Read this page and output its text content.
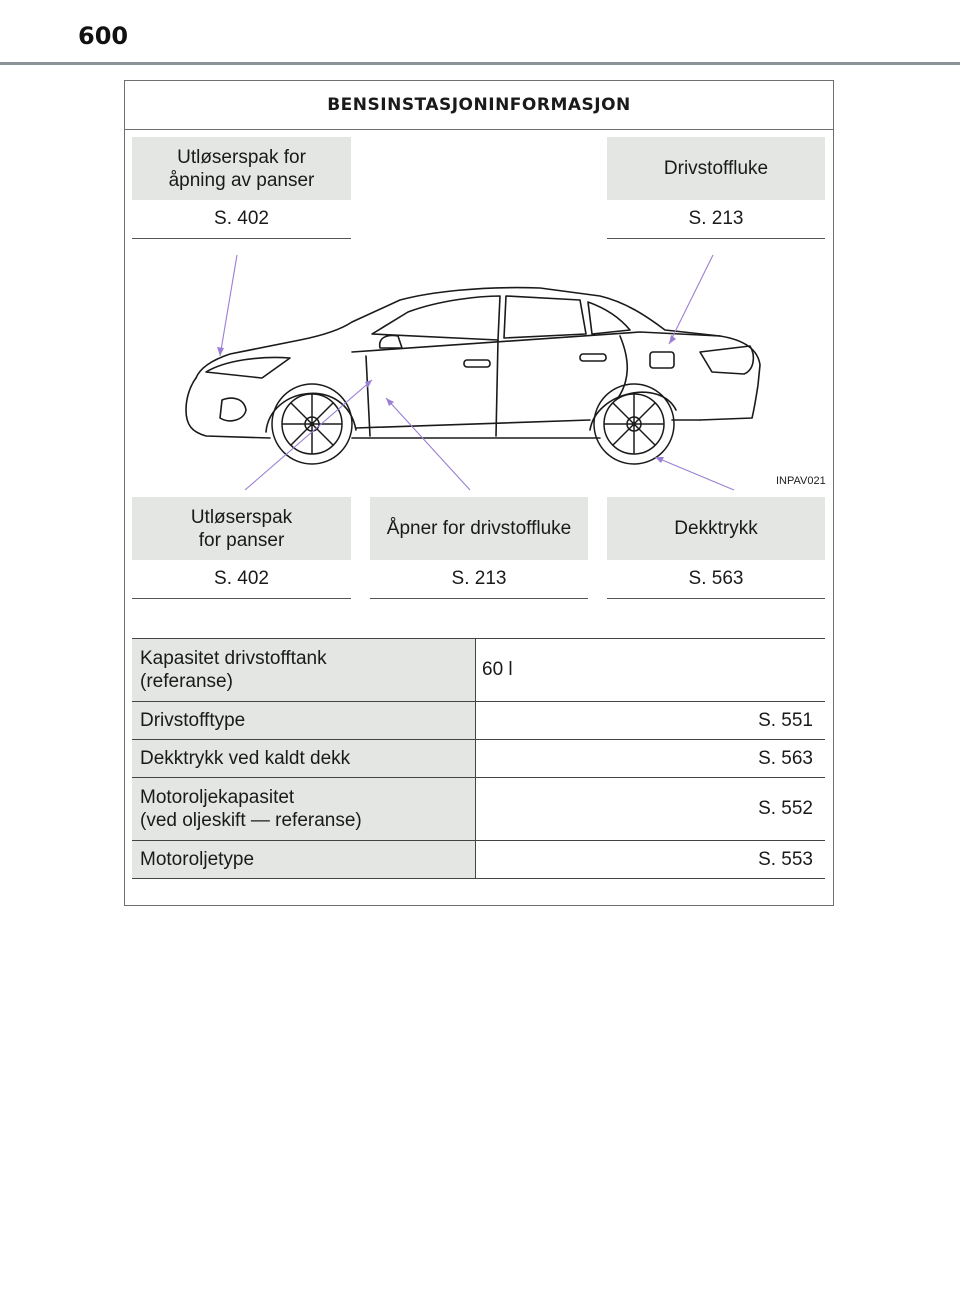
600
BENSINSTASJONINFORMASJON
Utløserspak for
åpning av panser
S. 402
Drivstoffluke
S. 213
INPAV021
Utløserspak
for panser
S. 402
Åpner for drivstoffluke
S. 213
Dekktrykk
S. 563
Kapasitet drivstofftank
(referanse)	60 l
Drivstofftype	S. 551
Dekktrykk ved kaldt dekk	S. 563
Motoroljekapasitet
(ved oljeskift — referanse)	S. 552
Motoroljetype	S. 553
